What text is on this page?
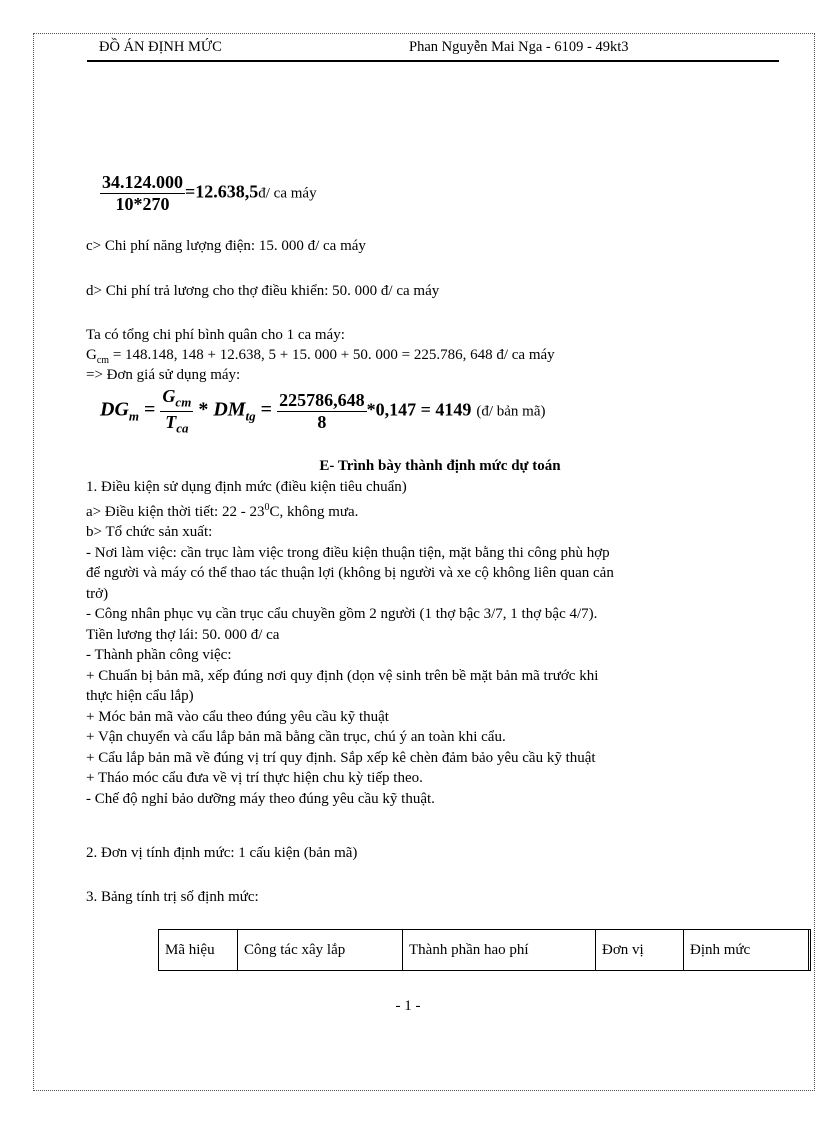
ĐỒ ÁN ĐỊNH MỨC	Phan Nguyễn Mai Nga - 6109 - 49kt3
$\frac{34.124.000}{10*270}$ =12.638,5đ/ ca máy
c> Chi phí năng lượng điện: 15. 000 đ/ ca máy
d> Chi phí trả lương cho thợ điều khiển: 50. 000 đ/ ca máy
Ta có tổng chi phí bình quân cho 1 ca máy:
$G_{cm} = 148.148$, 148 + 12.638, 5 + 15. 000 + 50. 000 = 225.786, 648 đ/ ca máy
=> Đơn giá sử dụng máy:
$DG_m = \frac{G_{cm}}{T_{ca}} * DM_{tg} = \frac{225786,648}{8} *0,147 = 4149$ (đ/ bản mã)
E- Trình bày thành định mức dự toán

1. Điều kiện sử dụng định mức (điều kiện tiêu chuẩn)

a> Điều kiện thời tiết: $22 - 23^0C$, không mưa.

b> Tổ chức sản xuất:

- Nơi làm việc: cần trục làm việc trong điều kiện thuận tiện, mặt bằng thi công phù hợp

để người và máy có thể thao tác thuận lợi (không bị người và xe cộ không liên quan cản

trở)

- Công nhân phục vụ cần trục cẩu chuyền gồm 2 người (1 thợ bậc 3/7, 1 thợ bậc 4/7).

Tiền lương thợ lái: 50. 000 đ/ ca

- Thành phần công việc:

+ Chuẩn bị bản mã, xếp đúng nơi quy định (dọn vệ sinh trên bề mặt bản mã trước khi

thực hiện cẩu lắp)

+ Móc bản mã vào cẩu theo đúng yêu cầu kỹ thuật

+ Vận chuyển và cẩu lắp bản mã bằng cần trục, chú ý an toàn khi cẩu.

+ Cẩu lắp bản mã về đúng vị trí quy định. Sắp xếp kê chèn đảm bảo yêu cầu kỹ thuật

+ Tháo móc cẩu đưa về vị trí thực hiện chu kỳ tiếp theo.

- Chế độ nghỉ bảo dưỡng máy theo đúng yêu cầu kỹ thuật.

2. Đơn vị tính định mức: 1 cấu kiện (bản mã)
3. Bảng tính trị số định mức:
Mã hiệu	Công tác xây lắp	Thành phần hao phí	Đơn vị	Định mức	
- 1 -
